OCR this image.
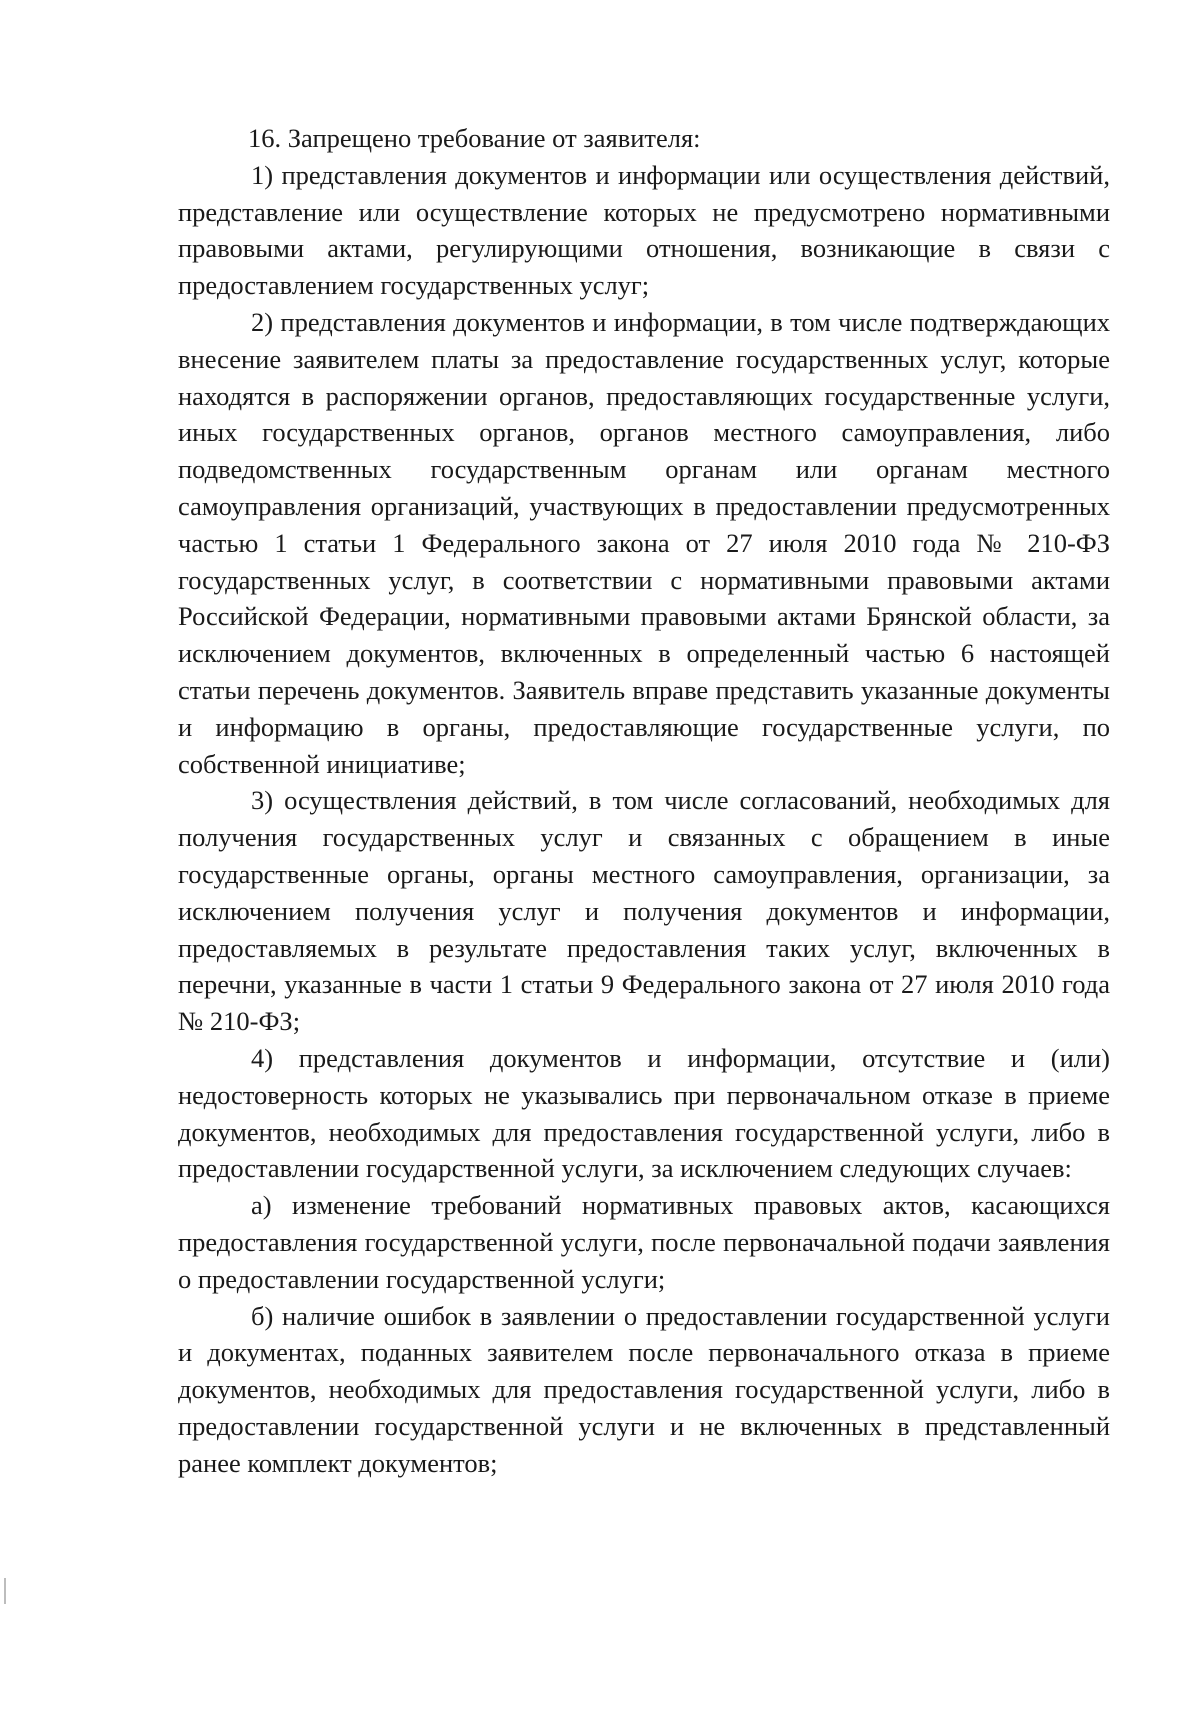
16. Запрещено требование от заявителя:

1) представления документов и информации или осуществления действий, представление или осуществление которых не предусмотрено нормативными правовыми актами, регулирующими отношения, возникающие в связи с предоставлением государственных услуг;

2) представления документов и информации, в том числе подтверждающих внесение заявителем платы за предоставление государственных услуг, которые находятся в распоряжении органов, предоставляющих государственные услуги, иных государственных органов, органов местного самоуправления, либо подведомственных государственным органам или органам местного самоуправления организаций, участвующих в предоставлении предусмотренных частью 1 статьи 1 Федерального закона от 27 июля 2010 года № 210-ФЗ государственных услуг, в соответствии с нормативными правовыми актами Российской Федерации, нормативными правовыми актами Брянской области, за исключением документов, включенных в определенный частью 6 настоящей статьи перечень документов. Заявитель вправе представить указанные документы и информацию в органы, предоставляющие государственные услуги, по собственной инициативе;

3) осуществления действий, в том числе согласований, необходимых для получения государственных услуг и связанных с обращением в иные государственные органы, органы местного самоуправления, организации, за исключением получения услуг и получения документов и информации, предоставляемых в результате предоставления таких услуг, включенных в перечни, указанные в части 1 статьи 9 Федерального закона от 27 июля 2010 года № 210-ФЗ;

4) представления документов и информации, отсутствие и (или) недостоверность которых не указывались при первоначальном отказе в приеме документов, необходимых для предоставления государственной услуги, либо в предоставлении государственной услуги, за исключением следующих случаев:

а) изменение требований нормативных правовых актов, касающихся предоставления государственной услуги, после первоначальной подачи заявления о предоставлении государственной услуги;

б) наличие ошибок в заявлении о предоставлении государственной услуги и документах, поданных заявителем после первоначального отказа в приеме документов, необходимых для предоставления государственной услуги, либо в предоставлении государственной услуги и не включенных в представленный ранее комплект документов;
